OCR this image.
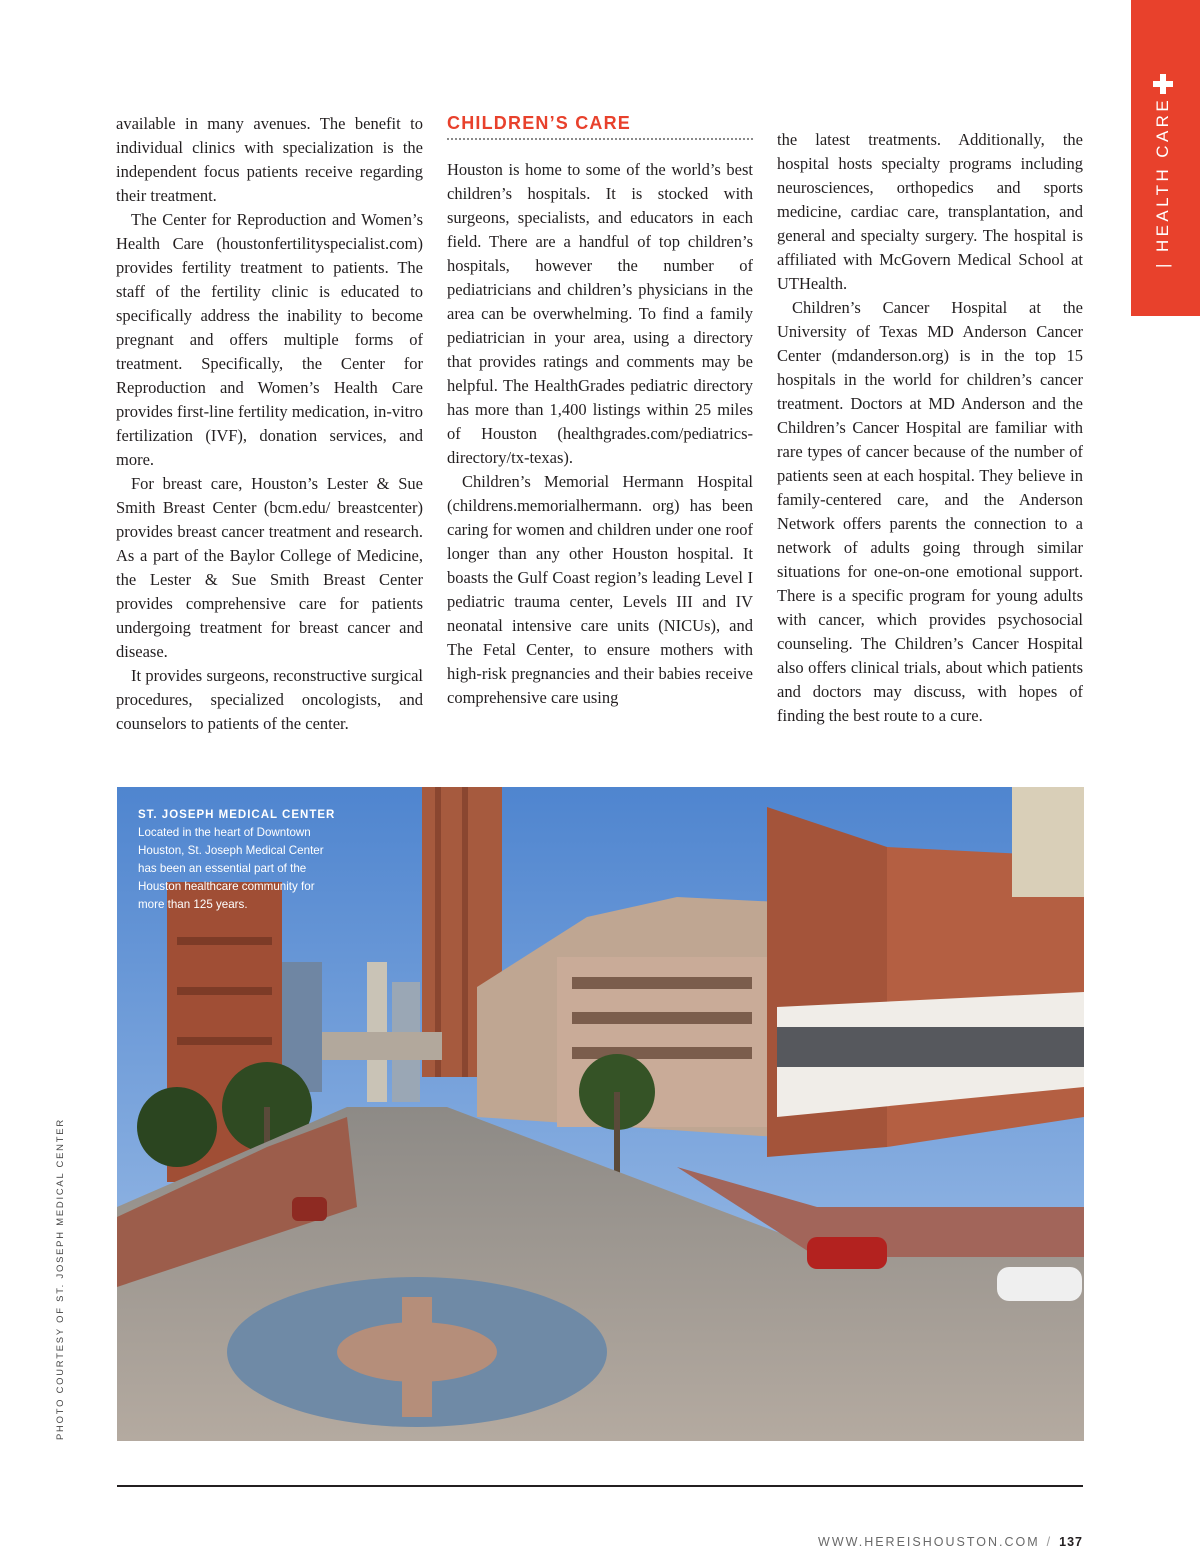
| HEALTH CARE

available in many avenues. The benefit to individual clinics with specialization is the independent focus patients receive regarding their treatment.

The Center for Reproduction and Women’s Health Care (houstonfertilityspecialist.com) provides fertility treatment to patients. The staff of the fertility clinic is educated to specifically address the inability to become pregnant and offers multiple forms of treatment. Specifically, the Center for Reproduction and Women’s Health Care provides first-line fertility medication, in-vitro fertilization (IVF), donation services, and more.

For breast care, Houston’s Lester & Sue Smith Breast Center (bcm.edu/ breastcenter) provides breast cancer treatment and research. As a part of the Baylor College of Medicine, the Lester & Sue Smith Breast Center provides comprehensive care for patients undergoing treatment for breast cancer and disease.

It provides surgeons, reconstructive surgical procedures, specialized oncologists, and counselors to patients of the center.

CHILDREN’S CARE

Houston is home to some of the world’s best children’s hospitals. It is stocked with surgeons, specialists, and educators in each field. There are a handful of top children’s hospitals, however the number of pediatricians and children’s physicians in the area can be overwhelming. To find a family pediatrician in your area, using a directory that provides ratings and comments may be helpful. The HealthGrades pediatric directory has more than 1,400 listings within 25 miles of Houston (healthgrades.com/pediatrics-directory/tx-texas).

Children’s Memorial Hermann Hospital (childrens.memorialhermann. org) has been caring for women and children under one roof longer than any other Houston hospital. It boasts the Gulf Coast region’s leading Level I pediatric trauma center, Levels III and IV neonatal intensive care units (NICUs), and The Fetal Center, to ensure mothers with high-risk pregnancies and their babies receive comprehensive care using

the latest treatments. Additionally, the hospital hosts specialty programs including neurosciences, orthopedics and sports medicine, cardiac care, transplantation, and general and specialty surgery. The hospital is affiliated with McGovern Medical School at UTHealth.

Children’s Cancer Hospital at the University of Texas MD Anderson Cancer Center (mdanderson.org) is in the top 15 hospitals in the world for children’s cancer treatment. Doctors at MD Anderson and the Children’s Cancer Hospital are familiar with rare types of cancer because of the number of patients seen at each hospital. They believe in family-centered care, and the Anderson Network offers parents the connection to a network of adults going through similar situations for one-on-one emotional support. There is a specific program for young adults with cancer, which provides psychosocial counseling. The Children’s Cancer Hospital also offers clinical trials, about which patients and doctors may discuss, with hopes of finding the best route to a cure.

ST. JOSEPH MEDICAL CENTER
Located in the heart of Downtown Houston, St. Joseph Medical Center has been an essential part of the Houston healthcare community for more than 125 years.
PHOTO COURTESY OF ST. JOSEPH MEDICAL CENTER
WWW.HEREISHOUSTON.COM / 137
